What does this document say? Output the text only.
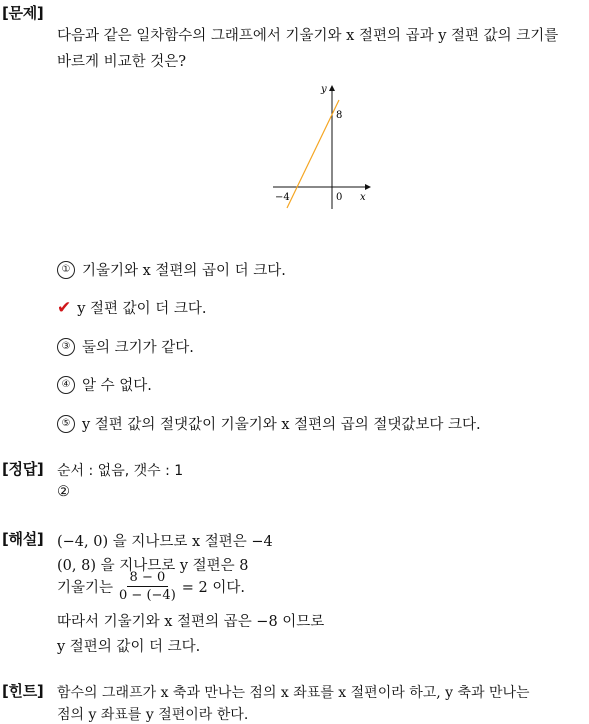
[문제]
다음과 같은 일차함수의 그래프에서 기울기와 x 절편의 곱과 y 절편 값의 크기를
바르게 비교한 것은?
y
8
−4	0 x
① 기울기와 x 절편의 곱이 더 크다.
✔ y 절편 값이 더 크다.
③ 둘의 크기가 같다.
④ 알 수 없다.
⑤ y 절편 값의 절댓값이 기울기와 x 절편의 곱의 절댓값보다 크다.
[정답] 순서 : 없음, 갯수 : 1
②
[해설] (−4, 0) 을 지나므로 x 절편은 −4
(0, 8) 을 지나므로 y 절편은 8
기울기는 $\frac{8 - 0}{0 - (-4)} = 2$ 이다.
따라서 기울기와 x 절편의 곱은 −8 이므로
y 절편의 값이 더 크다.
[힌트] 함수의 그래프가 x 축과 만나는 점의 x 좌표를 x 절편이라 하고, y 축과 만나는
점의 y 좌표를 y 절편이라 한다.
